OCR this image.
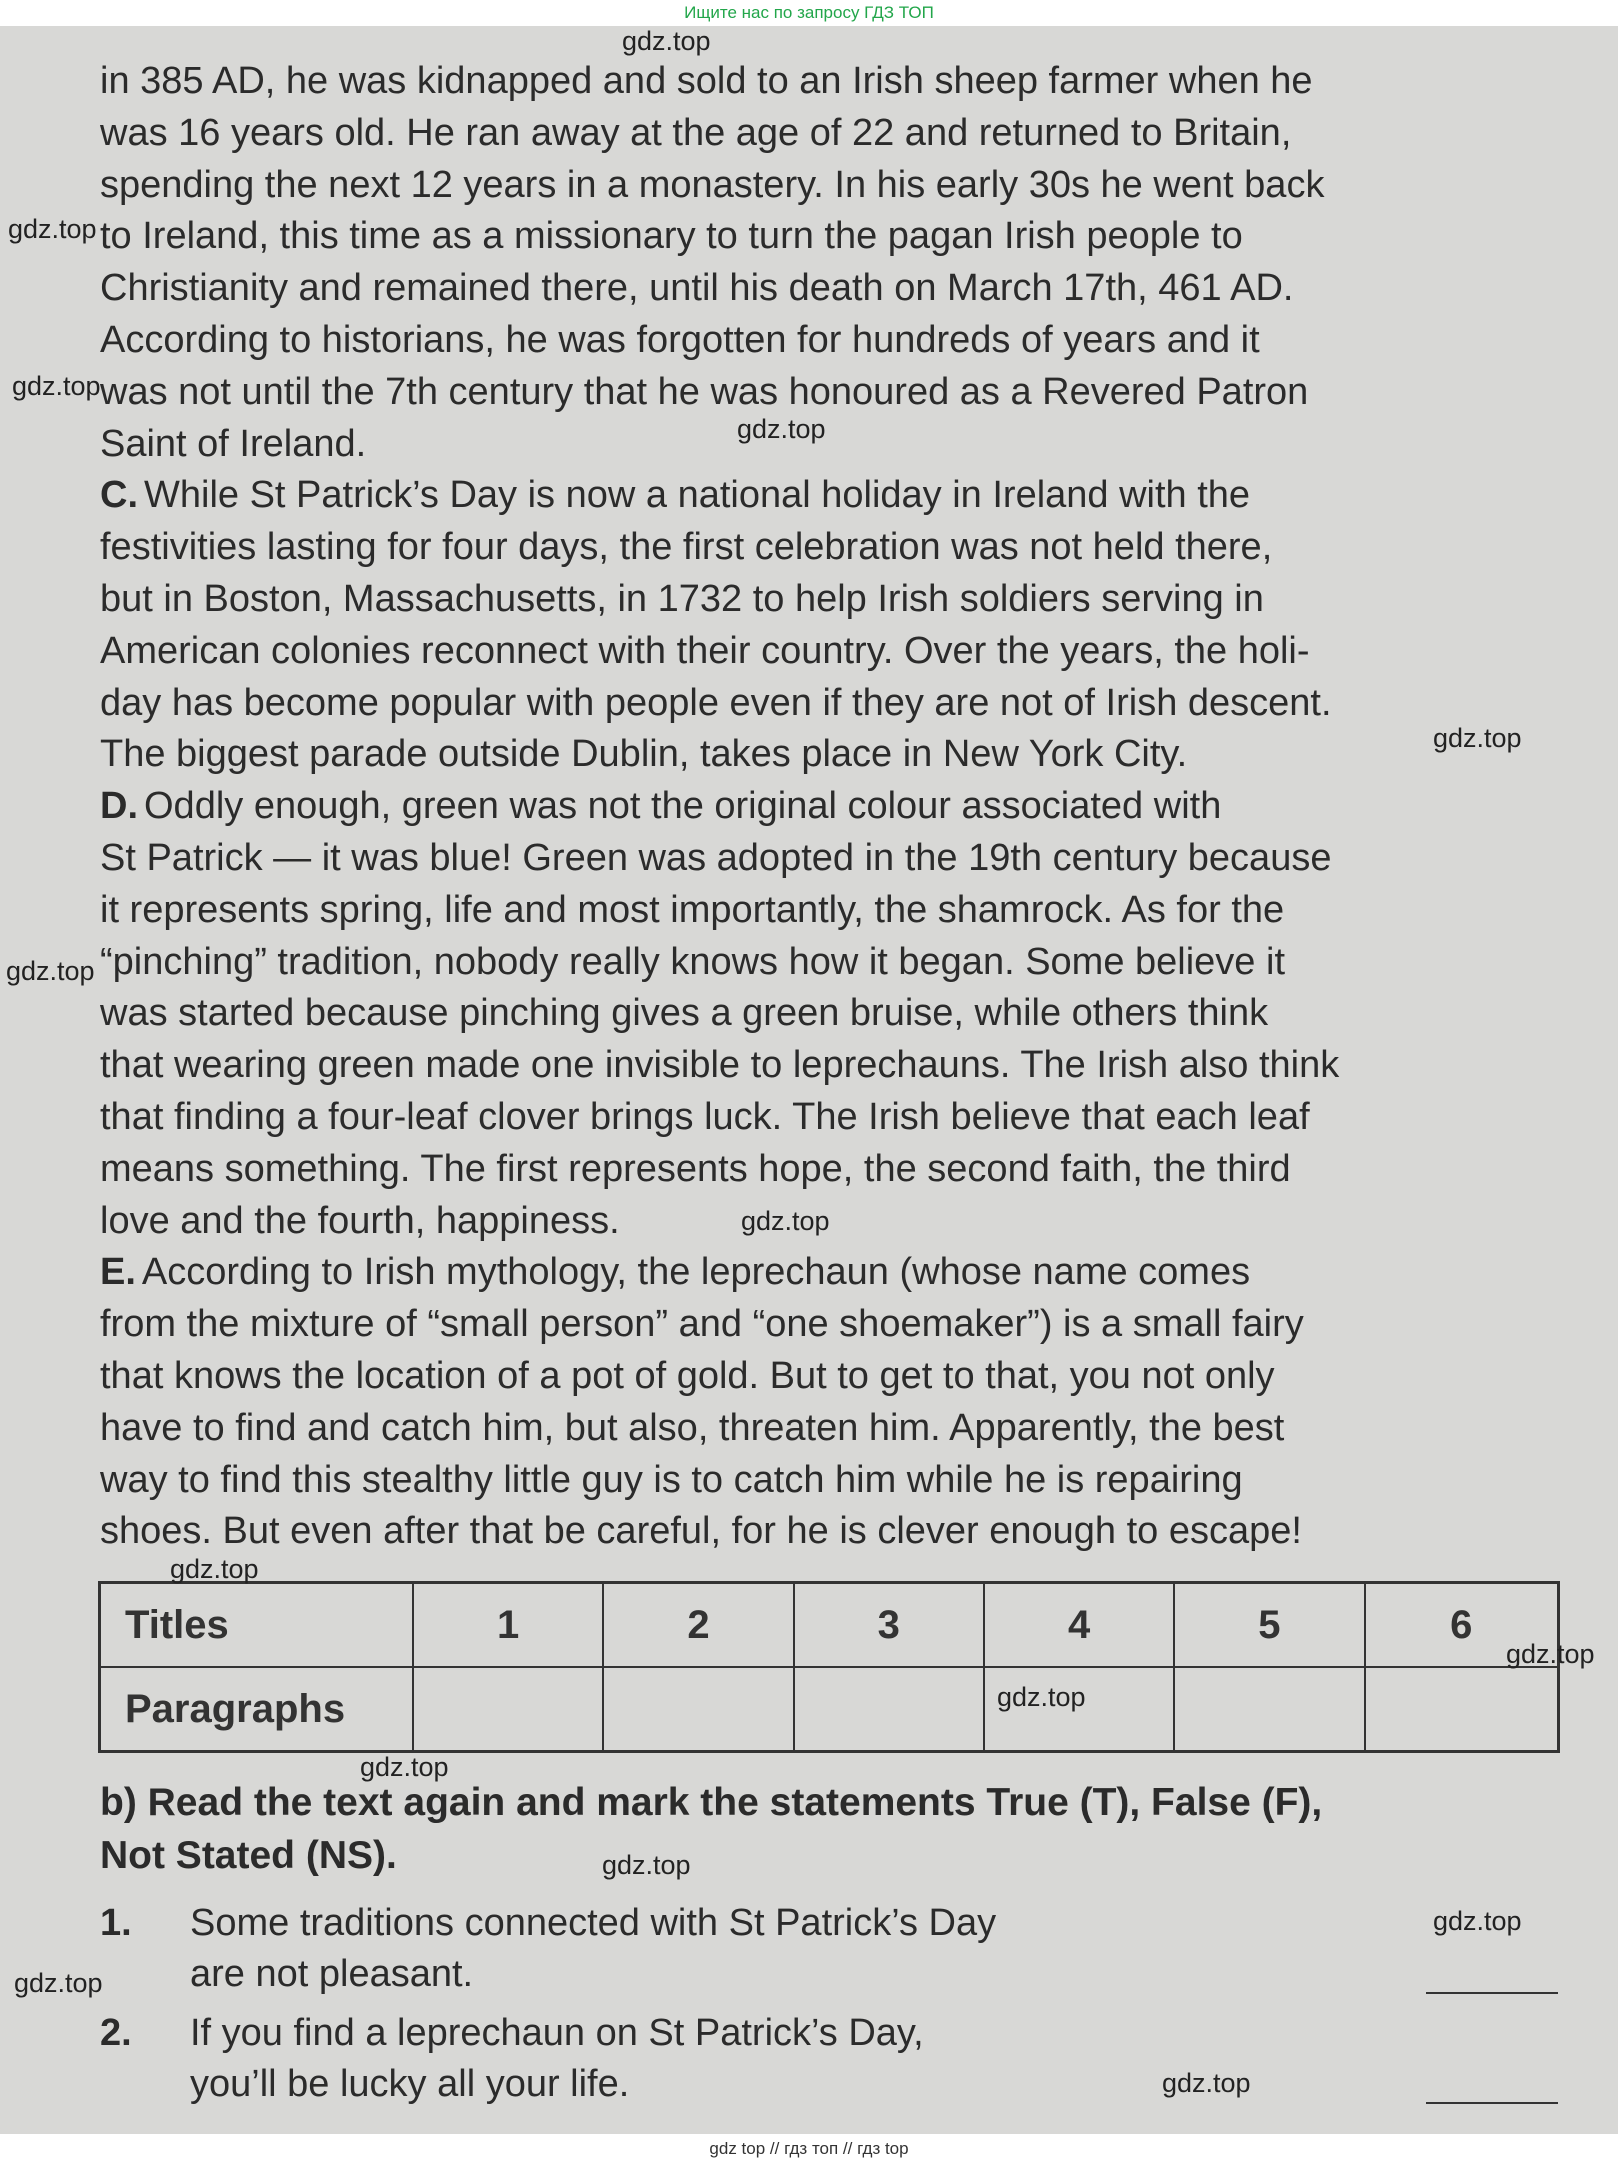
Ищите нас по запросу ГДЗ ТОП
in 385 AD, he was kidnapped and sold to an Irish sheep farmer when he
was 16 years old. He ran away at the age of 22 and returned to Britain,
spending the next 12 years in a monastery. In his early 30s he went back
to Ireland, this time as a missionary to turn the pagan Irish people to
Christianity and remained there, until his death on March 17th, 461 AD.
According to historians, he was forgotten for hundreds of years and it
was not until the 7th century that he was honoured as a Revered Patron
Saint of Ireland.
C. While St Patrick’s Day is now a national holiday in Ireland with the
festivities lasting for four days, the first celebration was not held there,
but in Boston, Massachusetts, in 1732 to help Irish soldiers serving in
American colonies reconnect with their country. Over the years, the holi-
day has become popular with people even if they are not of Irish descent.
The biggest parade outside Dublin, takes place in New York City.
D. Oddly enough, green was not the original colour associated with
St Patrick — it was blue! Green was adopted in the 19th century because
it represents spring, life and most importantly, the shamrock. As for the
“pinching” tradition, nobody really knows how it began. Some believe it
was started because pinching gives a green bruise, while others think
that wearing green made one invisible to leprechauns. The Irish also think
that finding a four-leaf clover brings luck. The Irish believe that each leaf
means something. The first represents hope, the second faith, the third
love and the fourth, happiness.
E. According to Irish mythology, the leprechaun (whose name comes
from the mixture of “small person” and “one shoemaker”) is a small fairy
that knows the location of a pot of gold. But to get to that, you not only
have to find and catch him, but also, threaten him. Apparently, the best
way to find this stealthy little guy is to catch him while he is repairing
shoes. But even after that be careful, for he is clever enough to escape!
Titles	1	2	3	4	5	6
Paragraphs						
b) Read the text again and mark the statements True (T), False (F),
Not Stated (NS).
1. Some traditions connected with St Patrick’s Day
are not pleasant.
2. If you find a leprechaun on St Patrick’s Day,
you’ll be lucky all your life.
gdz.top
gdz.top
gdz.top
gdz.top
gdz.top
gdz.top
gdz.top
gdz.top
gdz.top
gdz.top
gdz.top
gdz.top
gdz.top
gdz.top
gdz.top
gdz top // гдз топ // гдз top
